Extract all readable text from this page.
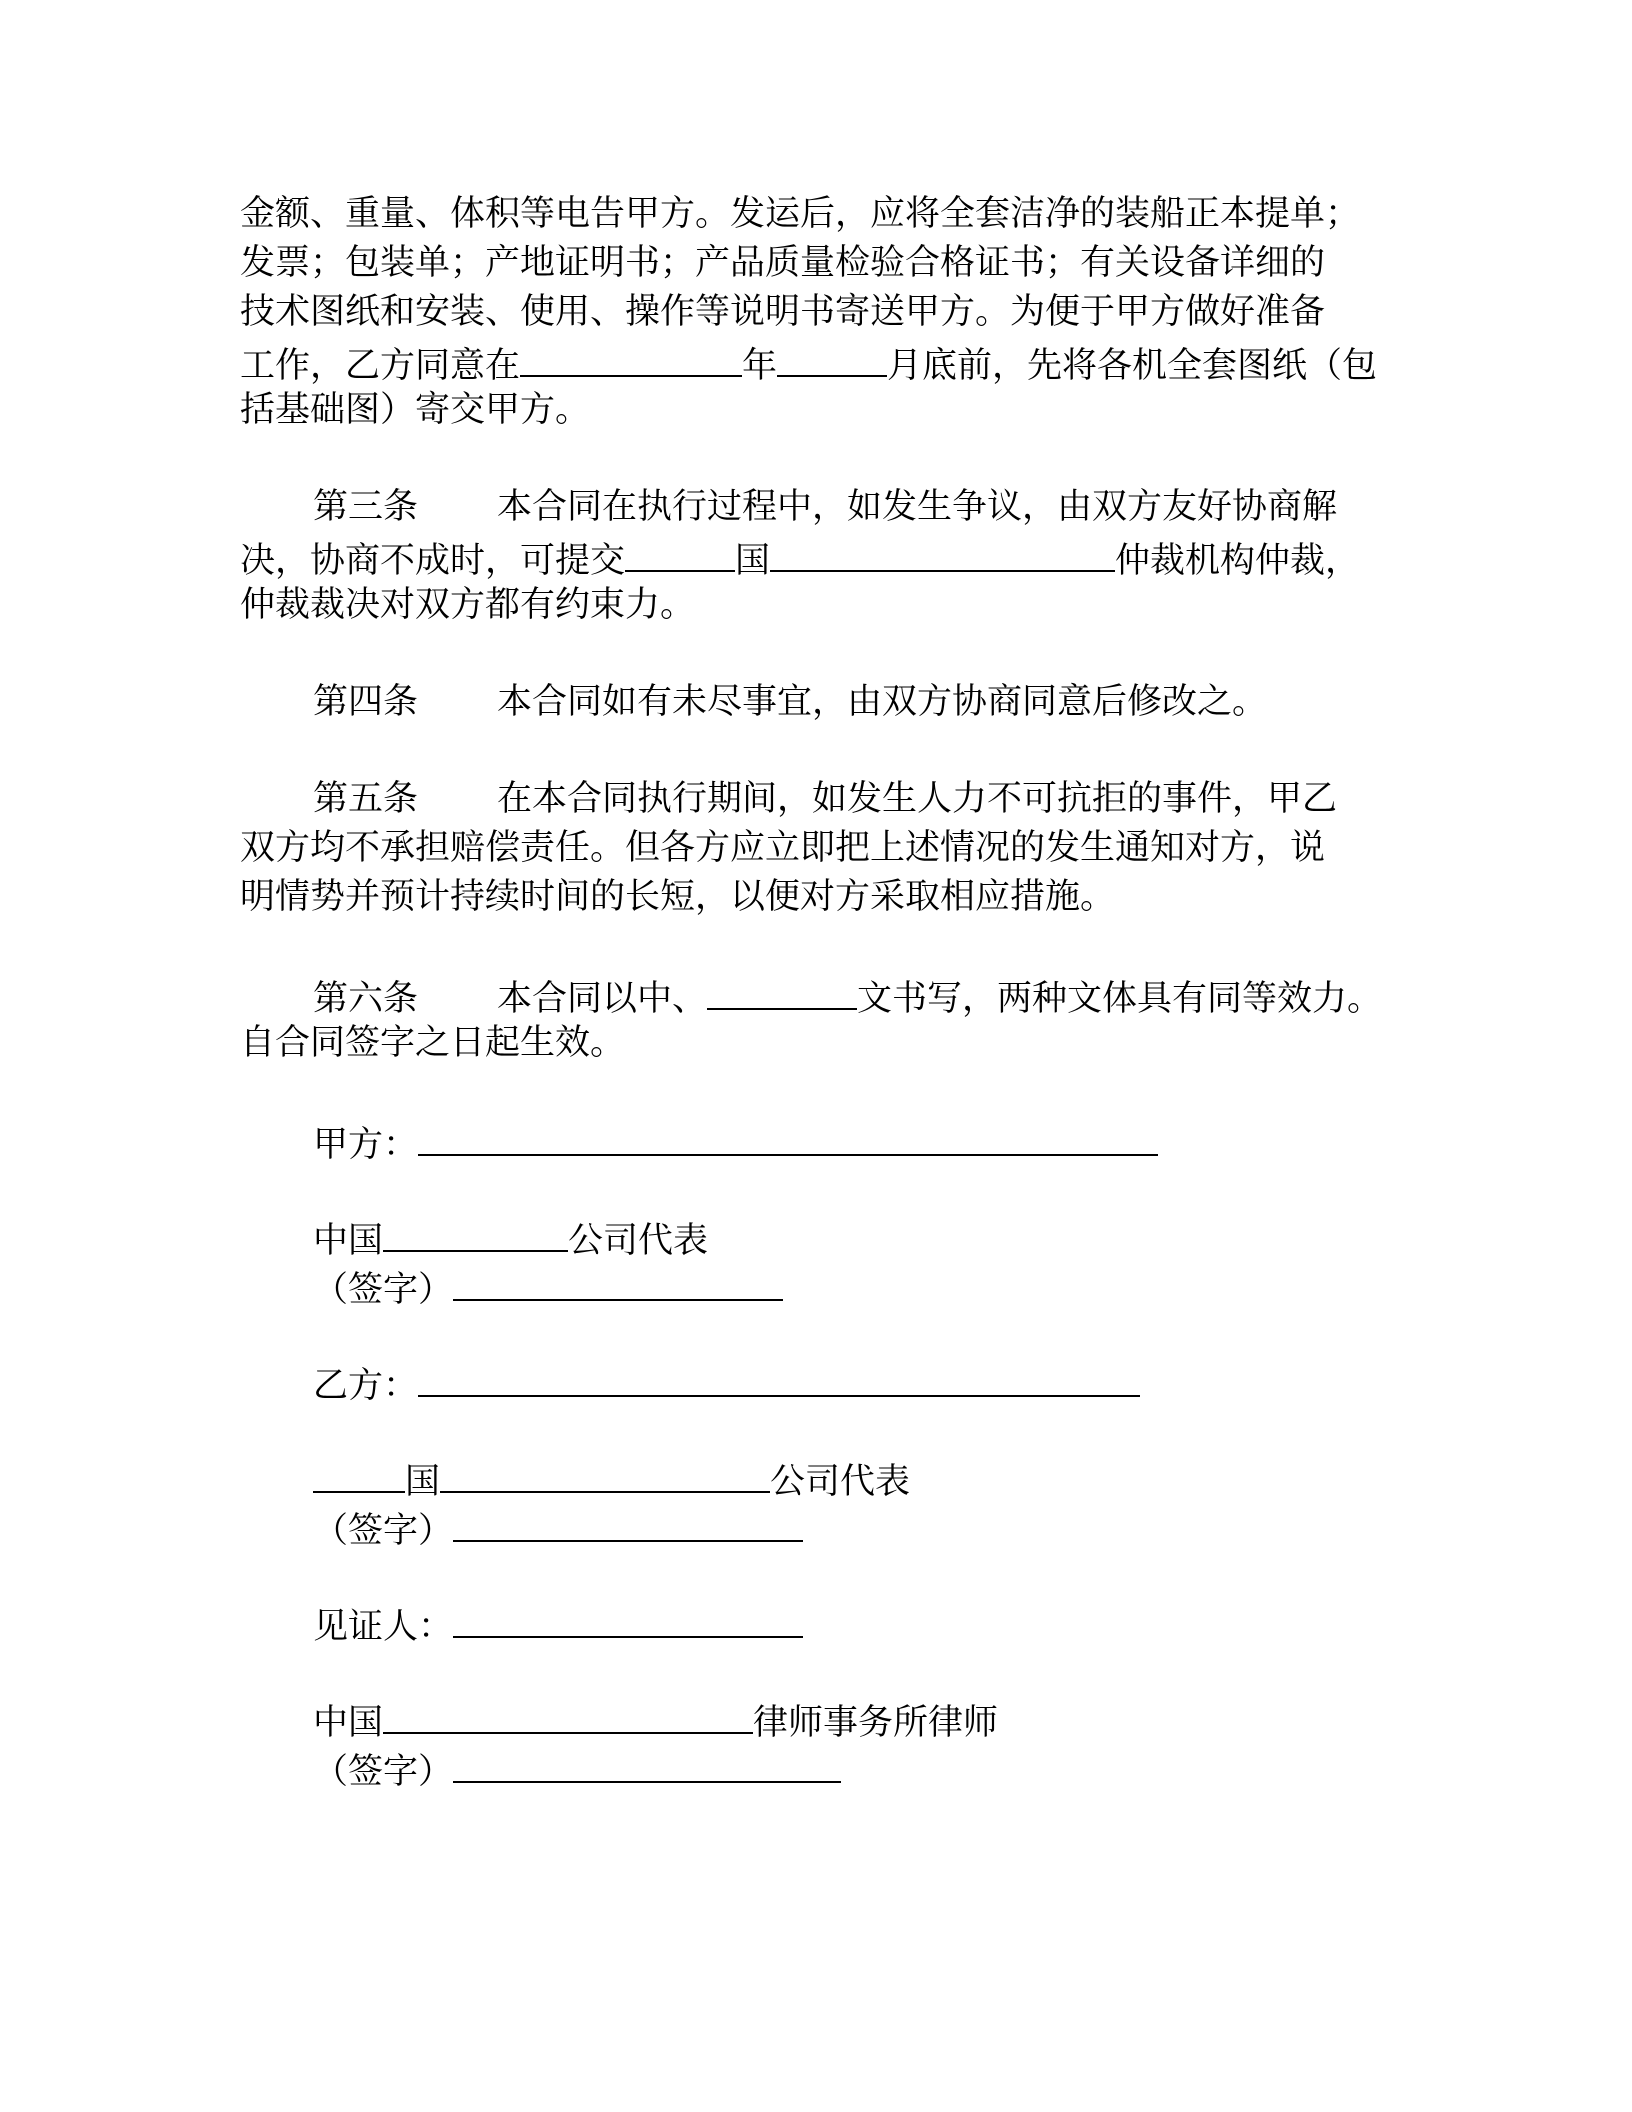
金额、重量、体积等电告甲方。发运后，应将全套洁净的装船正本提单；
发票；包装单；产地证明书；产品质量检验合格证书；有关设备详细的
技术图纸和安装、使用、操作等说明书寄送甲方。为便于甲方做好准备
工作，乙方同意在	年	月底前，先将各机全套图纸（包
括基础图）寄交甲方。
第三条 本合同在执行过程中，如发生争议，由双方友好协商解
决，协商不成时，可提交	国	仲裁机构仲裁，
仲裁裁决对双方都有约束力。
第四条 本合同如有未尽事宜，由双方协商同意后修改之。
第五条 在本合同执行期间，如发生人力不可抗拒的事件，甲乙
双方均不承担赔偿责任。但各方应立即把上述情况的发生通知对方，说
明情势并预计持续时间的长短，以便对方采取相应措施。
第六条 本合同以中、	文书写，两种文体具有同等效力。
自合同签字之日起生效。
甲方：
中国	公司代表
（签字）
乙方：
国	公司代表
（签字）
见证人：
中国	律师事务所律师
（签字）
